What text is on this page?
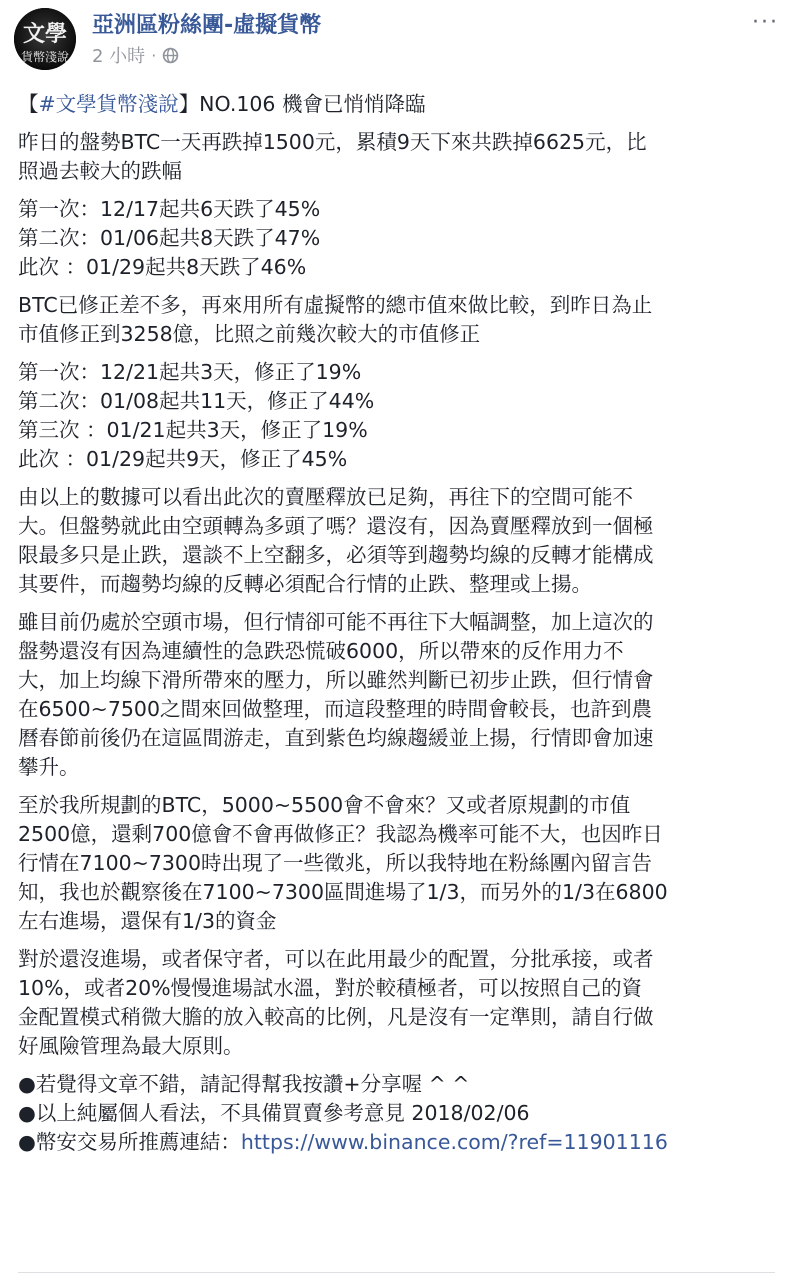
文學
貨幣淺說
亞洲區粉絲團-虛擬貨幣
2 小時 ·
···

【#文學貨幣淺說】NO.106 機會已悄悄降臨

昨日的盤勢BTC一天再跌掉1500元，累積9天下來共跌掉6625元，比
照過去較大的跌幅

第一次：12/17起共6天跌了45%
第二次：01/06起共8天跌了47%
此次 ：01/29起共8天跌了46%

BTC已修正差不多，再來用所有虛擬幣的總市值來做比較，到昨日為止
市值修正到3258億，比照之前幾次較大的市值修正

第一次：12/21起共3天，修正了19%
第二次：01/08起共11天，修正了44%
第三次 ：01/21起共3天，修正了19%
此次 ：01/29起共9天，修正了45%

由以上的數據可以看出此次的賣壓釋放已足夠，再往下的空間可能不
大。但盤勢就此由空頭轉為多頭了嗎？還沒有，因為賣壓釋放到一個極
限最多只是止跌，還談不上空翻多，必須等到趨勢均線的反轉才能構成
其要件，而趨勢均線的反轉必須配合行情的止跌、整理或上揚。

雖目前仍處於空頭市場，但行情卻可能不再往下大幅調整，加上這次的
盤勢還沒有因為連續性的急跌恐慌破6000，所以帶來的反作用力不
大，加上均線下滑所帶來的壓力，所以雖然判斷已初步止跌，但行情會
在6500~7500之間來回做整理，而這段整理的時間會較長，也許到農
曆春節前後仍在這區間游走，直到紫色均線趨緩並上揚，行情即會加速
攀升。

至於我所規劃的BTC，5000~5500會不會來？又或者原規劃的市值
2500億，還剩700億會不會再做修正？我認為機率可能不大，也因昨日
行情在7100~7300時出現了一些徵兆，所以我特地在粉絲團內留言告
知，我也於觀察後在7100~7300區間進場了1/3，而另外的1/3在6800
左右進場，還保有1/3的資金

對於還沒進場，或者保守者，可以在此用最少的配置，分批承接，或者
10%，或者20%慢慢進場試水溫，對於較積極者，可以按照自己的資
金配置模式稍微大膽的放入較高的比例，凡是沒有一定準則，請自行做
好風險管理為最大原則。

●若覺得文章不錯，請記得幫我按讚+分享喔 ^ ^
●以上純屬個人看法，不具備買賣參考意見 2018/02/06
●幣安交易所推薦連結：https://www.binance.com/?ref=11901116
